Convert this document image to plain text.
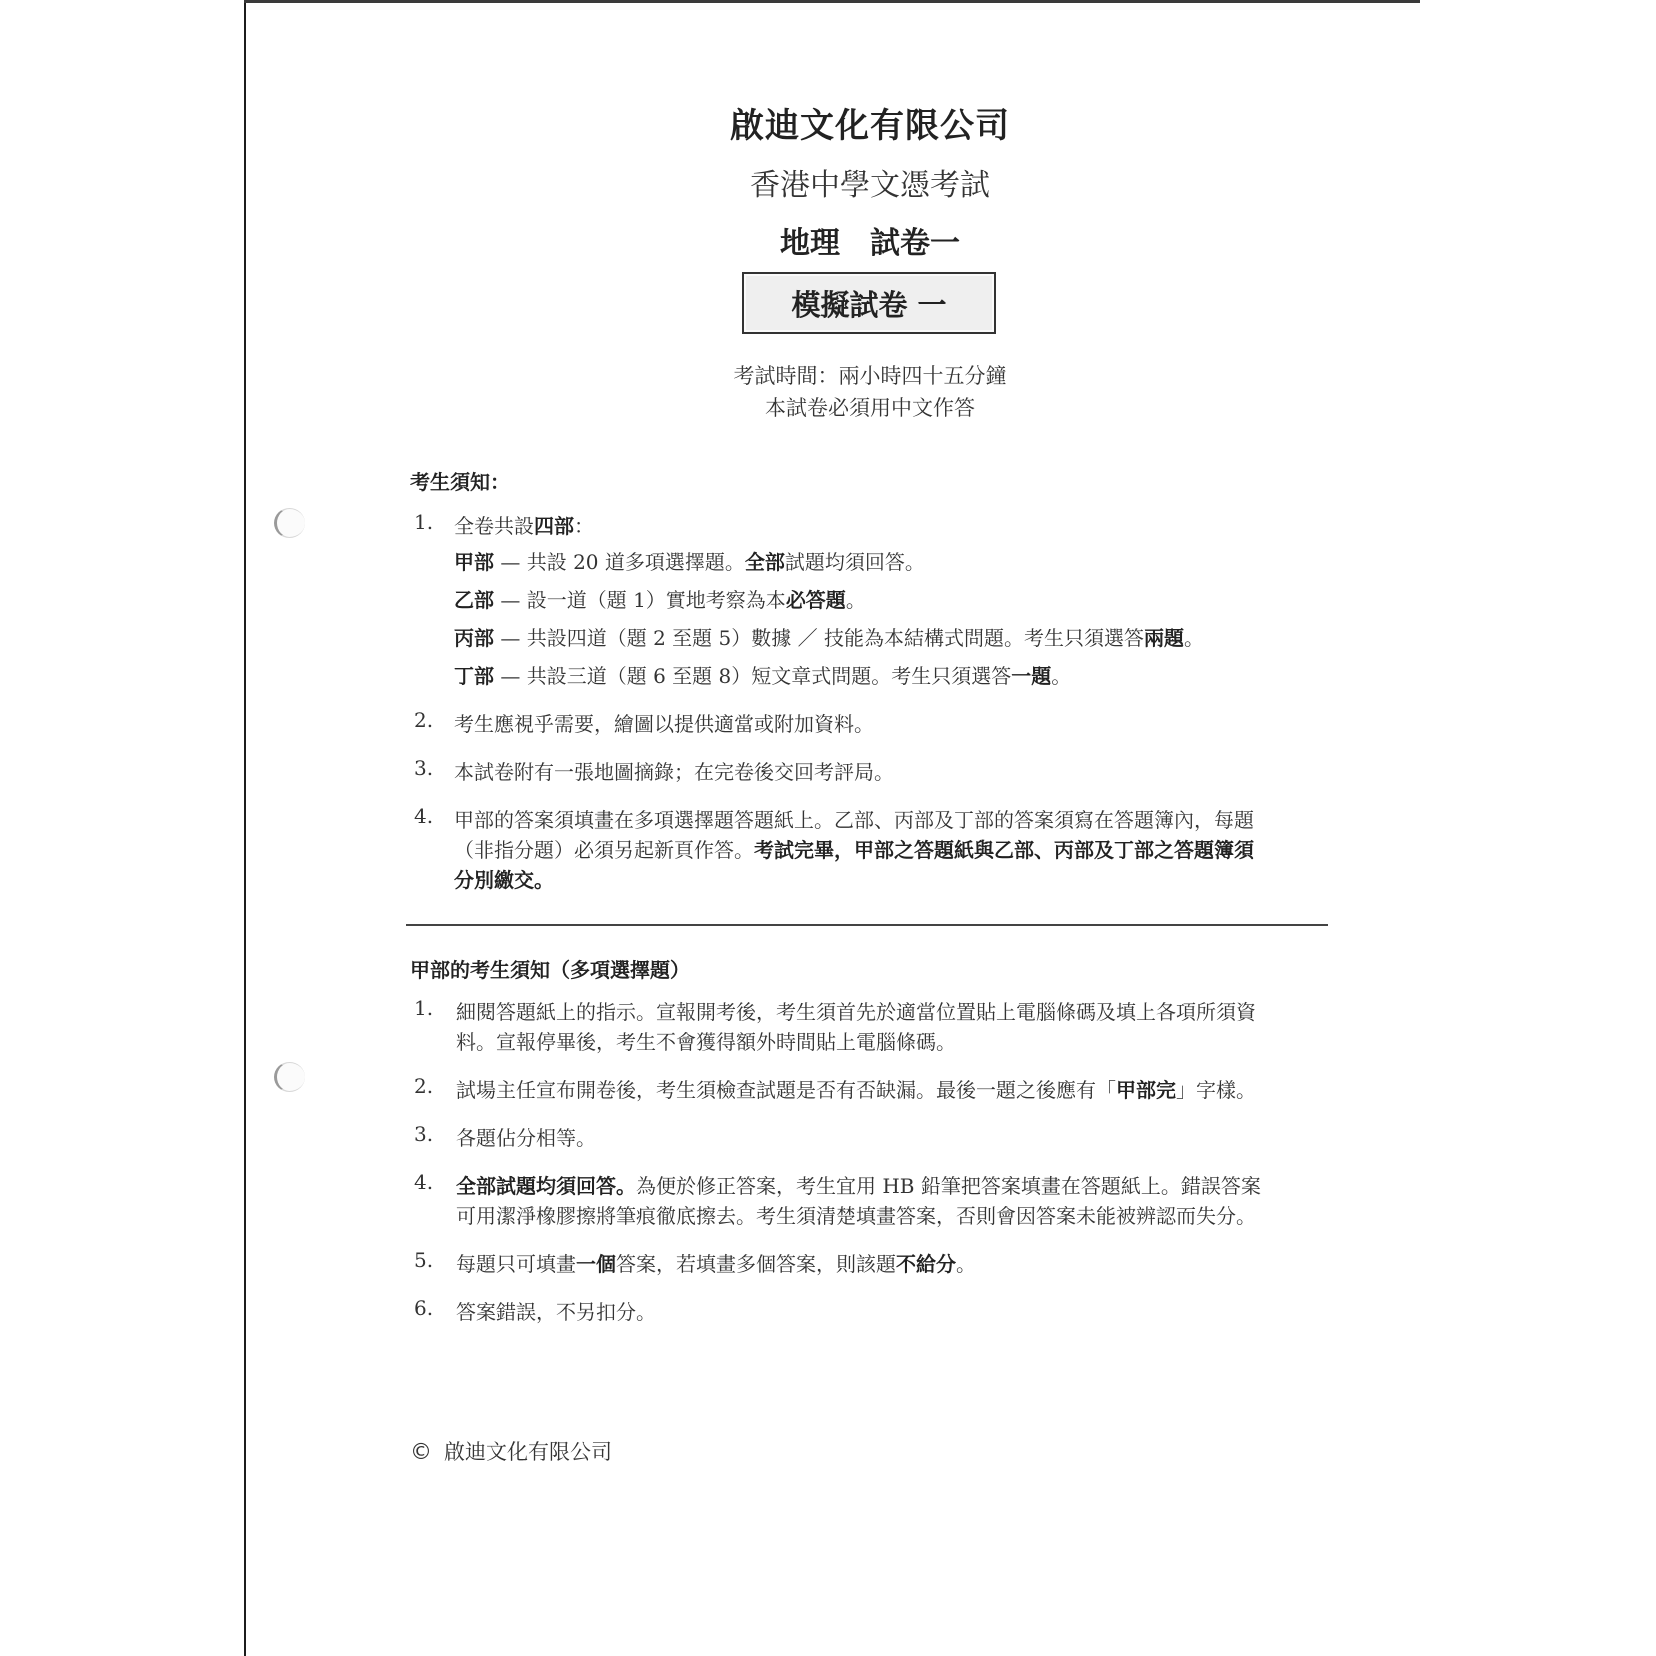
啟迪文化有限公司
香港中學文憑考試
地理　試卷一
模擬試卷 一
考試時間：兩小時四十五分鐘
本試卷必須用中文作答
考生須知：
1. 全卷共設四部：
甲部 — 共設 20 道多項選擇題。全部試題均須回答。
乙部 — 設一道（題 1）實地考察為本必答題。
丙部 — 共設四道（題 2 至題 5）數據 ／ 技能為本結構式問題。考生只須選答兩題。
丁部 — 共設三道（題 6 至題 8）短文章式問題。考生只須選答一題。
2. 考生應視乎需要，繪圖以提供適當或附加資料。
3. 本試卷附有一張地圖摘錄；在完卷後交回考評局。
4. 甲部的答案須填畫在多項選擇題答題紙上。乙部、丙部及丁部的答案須寫在答題簿內，每題
（非指分題）必須另起新頁作答。考試完畢，甲部之答題紙與乙部、丙部及丁部之答題簿須
分別繳交。
甲部的考生須知（多項選擇題）
1. 細閱答題紙上的指示。宣報開考後，考生須首先於適當位置貼上電腦條碼及填上各項所須資
料。宣報停畢後，考生不會獲得額外時間貼上電腦條碼。
2. 試場主任宣布開卷後，考生須檢查試題是否有否缺漏。最後一題之後應有「甲部完」字樣。
3. 各題佔分相等。
4. 全部試題均須回答。為便於修正答案，考生宜用 HB 鉛筆把答案填畫在答題紙上。錯誤答案
可用潔淨橡膠擦將筆痕徹底擦去。考生須清楚填畫答案，否則會因答案未能被辨認而失分。
5. 每題只可填畫一個答案，若填畫多個答案，則該題不給分。
6. 答案錯誤，不另扣分。
© 啟迪文化有限公司
